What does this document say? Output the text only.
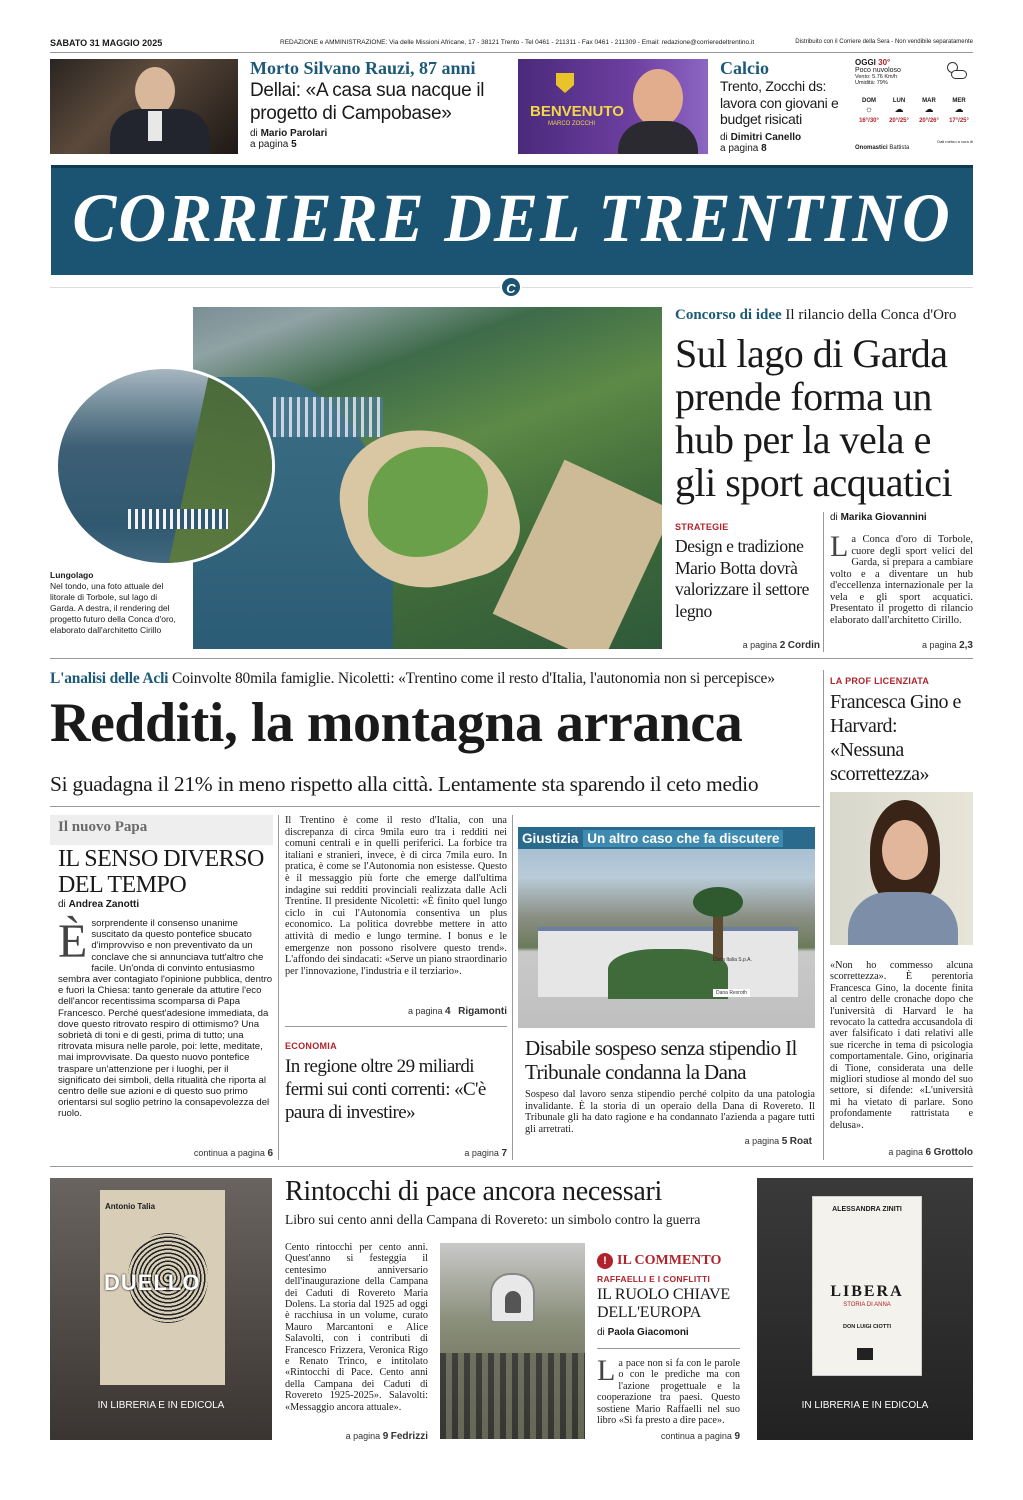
SABATO 31 MAGGIO 2025	REDAZIONE e AMMINISTRAZIONE: Via delle Missioni Africane, 17 - 38121 Trento - Tel 0461 - 211311 - Fax 0461 - 211309 - Email: redazione@corrieredeltrentino.it	Distribuito con il Corriere della Sera - Non vendibile separatamente
Morto Silvano Rauzi, 87 anni
Dellai: «A casa sua nacque il progetto di Campobase»
di Mario Parolari
a pagina 5
BENVENUTO
MARCO ZOCCHI
Calcio
Trento, Zocchi ds: lavora con giovani e budget risicati
di Dimitri Canello
a pagina 8
OGGI 30°
Poco nuvoloso
Vento: 5.76 Km/h
Umidità: 79%
DOM
☼
16°/30°
LUN
☁
20°/25°
MAR
☁
20°/26°
MER
☁
17°/25°
Dati meteo a cura di
Onomastici Battista
CORRIERE DEL TRENTINO
C
Lungolago
Nel tondo, una foto attuale del litorale di Torbole, sul lago di Garda. A destra, il rendering del progetto futuro della Conca d'oro, elaborato dall'architetto Cirillo
Concorso di idee Il rilancio della Conca d'Oro
Sul lago di Garda prende forma un hub per la vela e gli sport acquatici
di Marika Giovannini
La Conca d'oro di Torbole, cuore degli sport velici del Garda, si prepara a cambiare volto e a diventare un hub d'eccellenza internazionale per la vela e gli sport acquatici. Presentato il progetto di rilancio elaborato dall'architetto Cirillo.
a pagina 2,3
STRATEGIE
Design e tradizione Mario Botta dovrà valorizzare il settore legno
a pagina 2 Cordin
L'analisi delle Acli Coinvolte 80mila famiglie. Nicoletti: «Trentino come il resto d'Italia, l'autonomia non si percepisce»
Redditi, la montagna arranca
Si guadagna il 21% in meno rispetto alla città. Lentamente sta sparendo il ceto medio
Il nuovo Papa
IL SENSO DIVERSO DEL TEMPO
di Andrea Zanotti
È sorprendente il consenso unanime suscitato da questo pontefice sbucato d'improvviso e non preventivato da un conclave che si annunciava tutt'altro che facile. Un'onda di convinto entusiasmo sembra aver contagiato l'opinione pubblica, dentro e fuori la Chiesa: tanto generale da attutire l'eco dell'ancor recentissima scomparsa di Papa Francesco. Perché quest'adesione immediata, da dove questo ritrovato respiro di ottimismo? Una sobrietà di toni e di gesti, prima di tutto; una ritrovata misura nelle parole, poi: lette, meditate, mai improvvisate. Da questo nuovo pontefice traspare un'attenzione per i luoghi, per il significato dei simboli, della ritualità che riporta al centro delle sue azioni e di questo suo primo orientarsi sul soglio petrino la consapevolezza del ruolo.
continua a pagina 6
Il Trentino è come il resto d'Italia, con una discrepanza di circa 9mila euro tra i redditi nei comuni centrali e in quelli periferici. La forbice tra italiani e stranieri, invece, è di circa 7mila euro. In pratica, è come se l'Autonomia non esistesse. Questo è il messaggio più forte che emerge dall'ultima indagine sui redditi provinciali realizzata dalle Acli Trentine. Il presidente Nicoletti: «È finito quel lungo ciclo in cui l'Autonomia consentiva un plus economico. La politica dovrebbe mettere in atto attività di medio e lungo termine. I bonus e le emergenze non possono risolvere questo trend». L'affondo dei sindacati: «Serve un piano straordinario per l'innovazione, l'industria e il terziario».
a pagina 4 Rigamonti
ECONOMIA
In regione oltre 29 miliardi fermi sui conti correnti: «C'è paura di investire»
a pagina 7
Giustizia Un altro caso che fa discutere
Dana Italia S.p.A.
Dana Rexroth
Disabile sospeso senza stipendio Il Tribunale condanna la Dana
Sospeso dal lavoro senza stipendio perché colpito da una patologia invalidante. È la storia di un operaio della Dana di Rovereto. Il Tribunale gli ha dato ragione e ha condannato l'azienda a pagare tutti gli arretrati.
a pagina 5 Roat
LA PROF LICENZIATA
Francesca Gino e Harvard: «Nessuna scorrettezza»
«Non ho commesso alcuna scorrettezza». È perentoria Francesca Gino, la docente finita al centro delle cronache dopo che l'università di Harvard le ha revocato la cattedra accusandola di aver falsificato i dati relativi alle sue ricerche in tema di psicologia comportamentale. Gino, originaria di Tione, considerata una delle migliori studiose al mondo del suo settore, si difende: «L'università mi ha vietato di parlare. Sono profondamente rattristata e delusa».
a pagina 6 Grottolo
Antonio Talia
DUELLO
IN LIBRERIA E IN EDICOLA
Rintocchi di pace ancora necessari
Libro sui cento anni della Campana di Rovereto: un simbolo contro la guerra
Cento rintocchi per cento anni. Quest'anno si festeggia il centesimo anniversario dell'inaugurazione della Campana dei Caduti di Rovereto Maria Dolens. La storia dal 1925 ad oggi è racchiusa in un volume, curato Mauro Marcantoni e Alice Salavolti, con i contributi di Francesco Frizzera, Veronica Rigo e Renato Trinco, e intitolato «Rintocchi di Pace. Cento anni della Campana dei Caduti di Rovereto 1925-2025». Salavolti: «Messaggio ancora attuale».
a pagina 9 Fedrizzi
! IL COMMENTO
RAFFAELLI E I CONFLITTI
IL RUOLO CHIAVE DELL'EUROPA
di Paola Giacomoni
L a pace non si fa con le parole o con le prediche ma con l'azione progettuale e la cooperazione tra paesi. Questo sostiene Mario Raffaelli nel suo libro «Si fa presto a dire pace».
continua a pagina 9
ALESSANDRA ZINITI
LIBERA
STORIA DI ANNA
DON LUIGI CIOTTI
IN LIBRERIA E IN EDICOLA
